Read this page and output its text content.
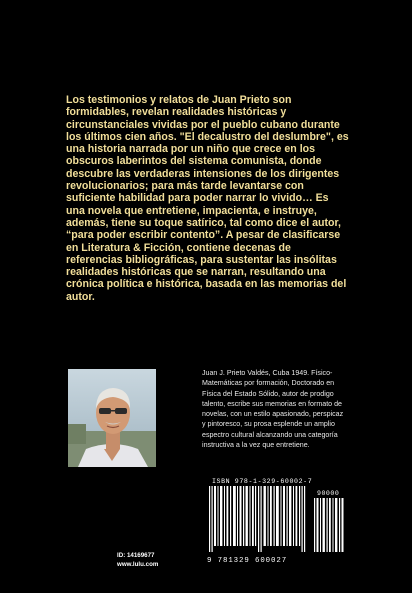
Los testimonios y relatos de Juan Prieto son formidables, revelan realidades históricas y circunstanciales vividas por el pueblo cubano durante los últimos cien años. "El decalustro del deslumbre", es una historia narrada por un niño que crece en los obscuros laberintos del sistema comunista, donde descubre las verdaderas intensiones de los dirigentes revolucionarios; para más tarde levantarse con suficiente habilidad para poder narrar lo vivido… Es una novela que entretiene, impacienta, e instruye, además, tiene su toque satírico, tal como dice el autor, “para poder escribir contento”. A pesar de clasificarse en Literatura & Ficción, contiene decenas de referencias bibliográficas, para sustentar las insólitas realidades históricas que se narran, resultando una crónica política e histórica, basada en las memorias del autor.

Juan J. Prieto Valdés, Cuba 1949. Físico-Matemáticas por formación, Doctorado en Física del Estado Sólido, autor de prodigo talento, escribe sus memorias en formato de novelas, con un estilo apasionado, perspicaz y pintoresco, su prosa esplende un amplio espectro cultural alcanzando una categoría instructiva a la vez que entretiene.

ISBN 978-1-329-60002-7
90000
9 781329 600027
ID: 14169677
www.lulu.com
